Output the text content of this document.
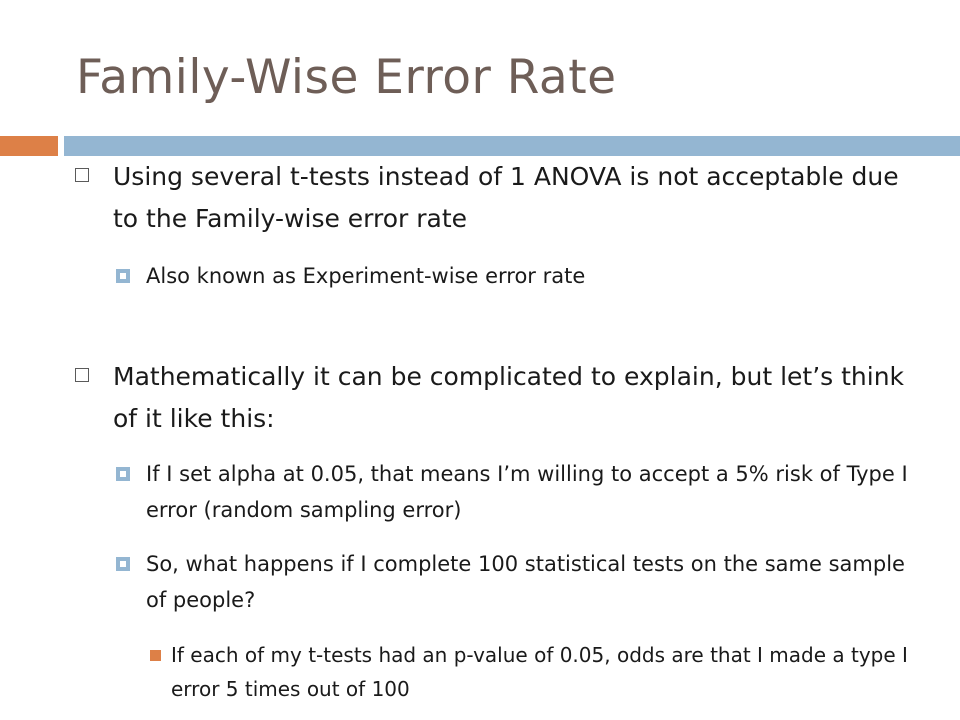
Family-Wise Error Rate
Using several t-tests instead of 1 ANOVA is not acceptable due to the Family-wise error rate
Also known as Experiment-wise error rate
Mathematically it can be complicated to explain, but let’s think of it like this:
If I set alpha at 0.05, that means I’m willing to accept a 5% risk of Type I error (random sampling error)
So, what happens if I complete 100 statistical tests on the same sample of people?
If each of my t-tests had an p-value of 0.05, odds are that I made a type I error 5 times out of 100
